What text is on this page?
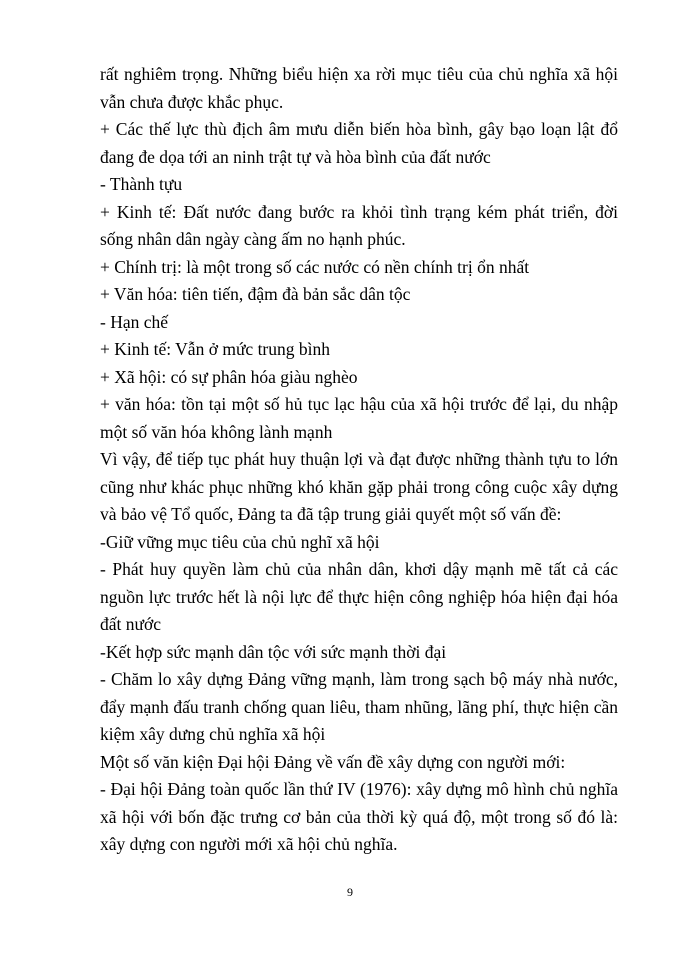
rất nghiêm trọng. Những biểu hiện xa rời mục tiêu của chủ nghĩa xã hội vẫn chưa được khắc phục.

+ Các thế lực thù địch âm mưu diễn biến hòa bình, gây bạo loạn lật đổ đang đe dọa tới an ninh trật tự và hòa bình của đất nước

- Thành tựu

+ Kinh tế: Đất nước đang bước ra khỏi tình trạng kém phát triển, đời sống nhân dân ngày càng ấm no hạnh phúc.

+ Chính trị: là một trong số các nước có nền chính trị ổn nhất

+ Văn hóa: tiên tiến, đậm đà bản sắc dân tộc

- Hạn chế

+ Kinh tế: Vẫn ở mức trung bình

+ Xã hội: có sự phân hóa giàu nghèo

+ văn hóa: tồn tại một số hủ tục lạc hậu của xã hội trước để lại, du nhập một số văn hóa không lành mạnh

Vì vậy, để tiếp tục phát huy thuận lợi và đạt được những thành tựu to lớn cũng như khác phục những khó khăn gặp phải trong công cuộc xây dựng và bảo vệ Tổ quốc, Đảng ta đã tập trung giải quyết một số vấn đề:

-Giữ vững mục tiêu của chủ nghĩ xã hội

- Phát huy quyền làm chủ của nhân dân, khơi dậy mạnh mẽ tất cả các nguồn lực trước hết là nội lực để thực hiện công nghiệp hóa hiện đại hóa đất nước

-Kết hợp sức mạnh dân tộc với sức mạnh thời đại

- Chăm lo xây dựng Đảng vững mạnh, làm trong sạch bộ máy nhà nước, đẩy mạnh đấu tranh chống quan liêu, tham nhũng, lãng phí, thực hiện cần kiệm xây dưng chủ nghĩa xã hội

Một số văn kiện Đại hội Đảng về vấn đề xây dựng con người mới:

- Đại hội Đảng toàn quốc lần thứ IV (1976): xây dựng mô hình chủ nghĩa xã hội với bốn đặc trưng cơ bản của thời kỳ quá độ, một trong số đó là: xây dựng con người mới xã hội chủ nghĩa.

9
